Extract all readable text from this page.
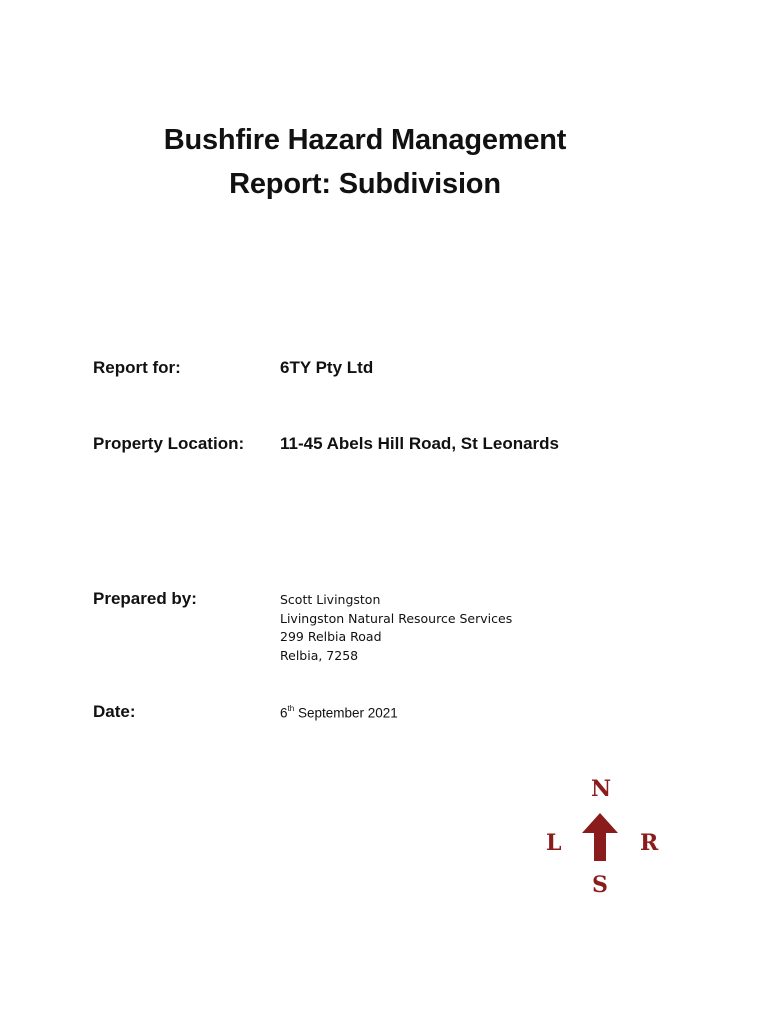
Bushfire Hazard Management
Report: Subdivision
Report for:	6TY Pty Ltd
Property Location: 11-45 Abels Hill Road, St Leonards
Prepared by:	Scott Livingston
Livingston Natural Resource Services
299 Relbia Road
Relbia, 7258
Date:	6th September 2021
N
L	R
S
